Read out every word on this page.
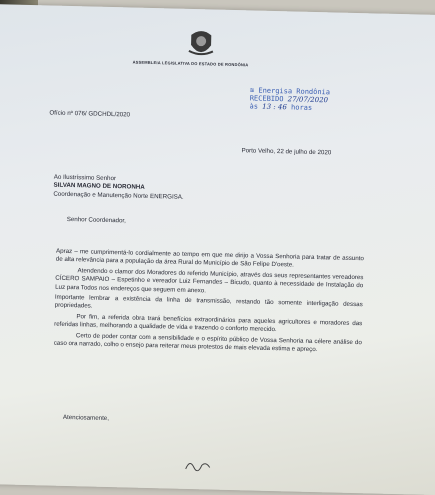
ASSEMBLEIA LEGISLATIVA DO ESTADO DE RONDÔNIA
≋ Energisa Rondônia
RECEBIDO 27/07/2020
às 13 : 46 horas
Ofício nº 076/ GDCHDL/2020
Porto Velho, 22 de julho de 2020
Ao Ilustríssimo Senhor
SILVAN MAGNO DE NORONHA
Coordenação e Manutenção Norte ENERGISA.
Senhor Coordenador,

Apraz – me cumprimentá-lo cordialmente ao tempo em que me dirijo a Vossa Senhoria para tratar de assunto de alta relevância para a população da área Rural do Município de São Felipe D'oeste.

Atendendo o clamor dos Moradores do referido Município, através dos seus representantes vereadores CÍCERO SAMPAIO – Espetinho e vereador Luiz Fernandes – Bicudo, quanto à necessidade de Instalação do Luz para Todos nos endereços que seguem em anexo.

Importante lembrar a existência da linha de transmissão, restando tão somente interligação dessas propriedades.

Por fim, a referida obra trará benefícios extraordinários para aqueles agricultores e moradores das referidas linhas, melhorando a qualidade de vida e trazendo o conforto merecido.

Certo de poder contar com a sensibilidade e o espírito público de Vossa Senhoria na célere análise do caso ora narrado, colho o ensejo para reiterar meus protestos de mais elevada estima e apreço.

Atenciosamente,
